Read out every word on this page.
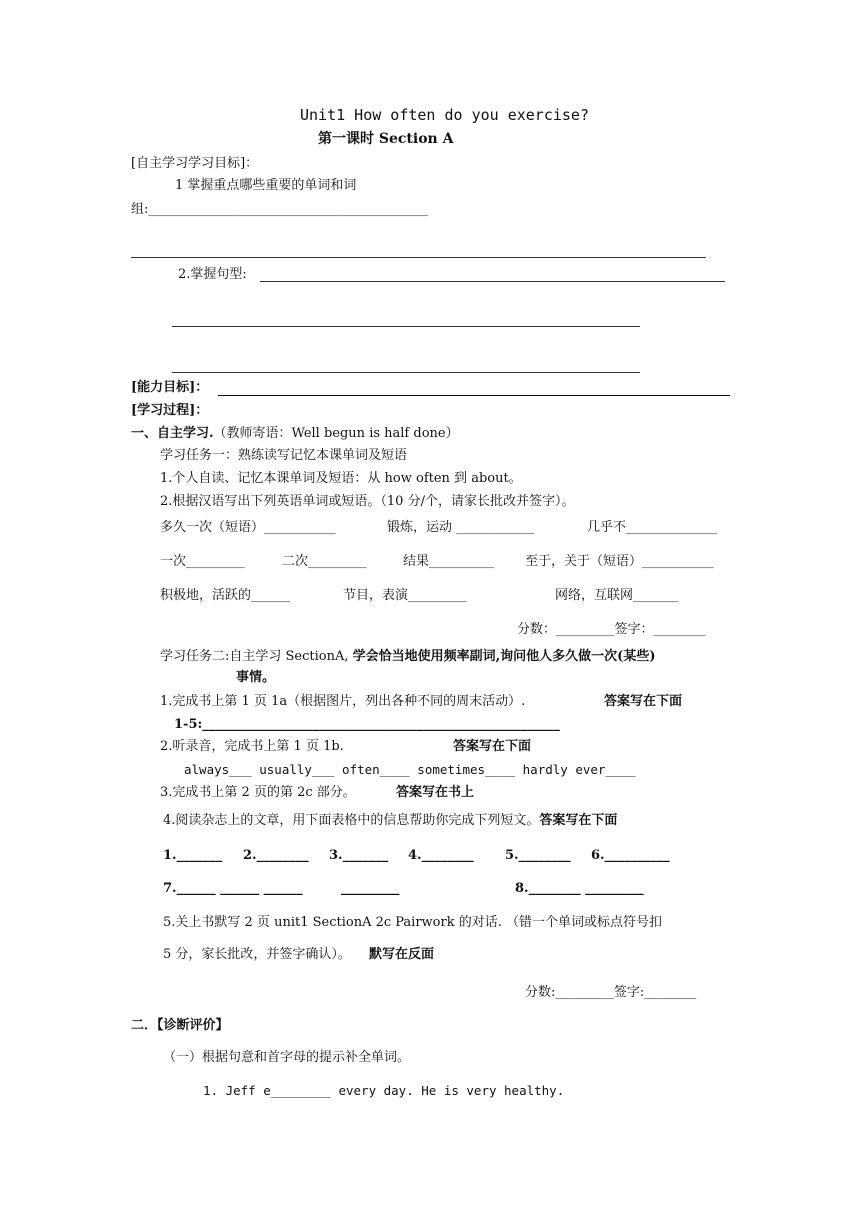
Unit1 How often do you exercise?
第一课时 Section A
[自主学习学习目标]：
1 掌握重点哪些重要的单词和词
组:___________________________________________
2.掌握句型:
[能力目标]：
[学习过程]：
一、自主学习.（教师寄语：Well begun is half done）
学习任务一：熟练读写记忆本课单词及短语
1.个人自读、记忆本课单词及短语：从 how often 到 about。
2.根据汉语写出下列英语单词或短语。（10 分/个，请家长批改并签字）。
多久一次（短语）___________	锻炼，运动 ____________	几乎不______________
一次_________	二次_________	结果__________ 至于，关于（短语）___________
积极地，活跃的______	节目，表演_________	网络，互联网_______
分数：_________签字：________
学习任务二:自主学习 SectionA, 学会恰当地使用频率副词,询问他人多久做一次(某些)
事情。
1.完成书上第 1 页 1a（根据图片，列出各种不同的周末活动）.	答案写在下面
1-5:_______________________________________________________
2.听录音，完成书上第 1 页 1b.	答案写在下面
always___ usually___ often____ sometimes____ hardly ever____
3.完成书上第 2 页的第 2c 部分。	答案写在书上
4.阅读杂志上的文章，用下面表格中的信息帮助你完成下列短文。答案写在下面
1._______ 2.________ 3._______ 4.________ 5.________ 6.__________
7.______ ______ ______	_________	8.________ _________
5.关上书默写 2 页 unit1 SectionA 2c Pairwork 的对话. （错一个单词或标点符号扣
5 分，家长批改，并签字确认）。 默写在反面
分数:_________签字:________
二．【诊断评价】
（一）根据句意和首字母的提示补全单词。
1. Jeff e________ every day. He is very healthy.
